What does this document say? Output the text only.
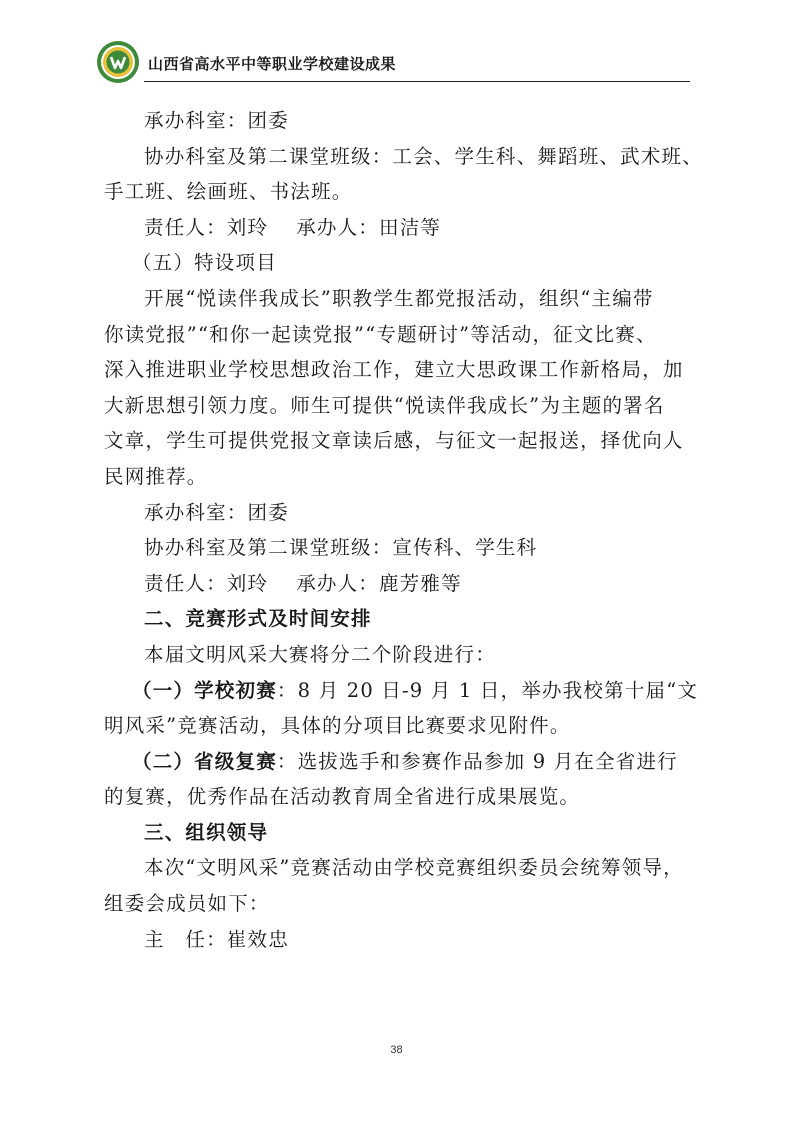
山西省高水平中等职业学校建设成果

承办科室：团委

协办科室及第二课堂班级：工会、学生科、舞蹈班、武术班、

手工班、绘画班、书法班。

责任人：刘玲 承办人：田洁等

（五）特设项目

开展“悦读伴我成长”职教学生都党报活动，组织“主编带

你读党报”“和你一起读党报”“专题研讨”等活动，征文比赛、

深入推进职业学校思想政治工作，建立大思政课工作新格局，加

大新思想引领力度。师生可提供“悦读伴我成长”为主题的署名

文章，学生可提供党报文章读后感，与征文一起报送，择优向人

民网推荐。

承办科室：团委

协办科室及第二课堂班级：宣传科、学生科

责任人：刘玲 承办人：鹿芳雅等

二、竞赛形式及时间安排

本届文明风采大赛将分二个阶段进行：

（一）学校初赛：8 月 20 日-9 月 1 日，举办我校第十届“文

明风采”竞赛活动，具体的分项目比赛要求见附件。

（二）省级复赛：选拔选手和参赛作品参加 9 月在全省进行

的复赛，优秀作品在活动教育周全省进行成果展览。

三、组织领导

本次“文明风采”竞赛活动由学校竞赛组织委员会统筹领导，

组委会成员如下：

主　任：崔效忠

38
